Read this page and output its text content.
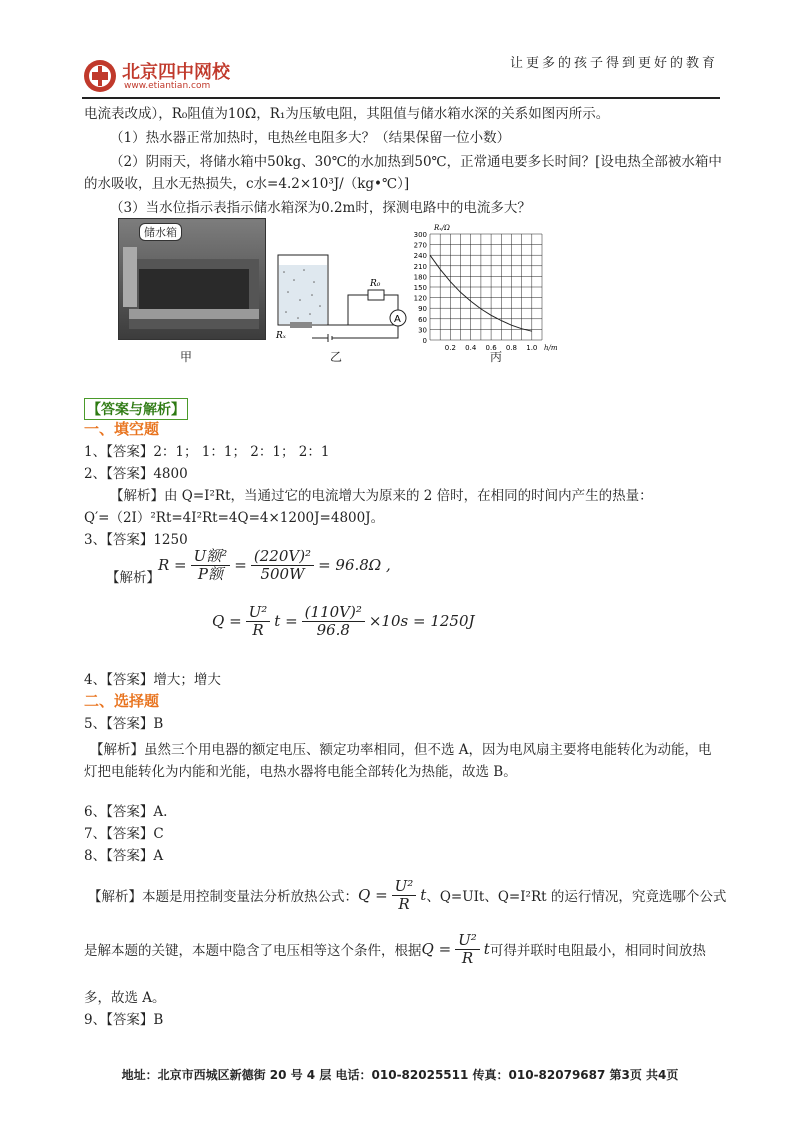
北京四中网校
www.etiantian.com
让更多的孩子得到更好的教育
电流表改成），R₀阻值为10Ω，R₁为压敏电阻，其阻值与储水箱水深的关系如图丙所示。
（1）热水器正常加热时，电热丝电阻多大？（结果保留一位小数）
（2）阴雨天，将储水箱中50kg、30℃的水加热到50℃，正常通电要多长时间？[设电热全部被水箱中
的水吸收，且水无热损失，c水=4.2×10³J/（kg•℃）]
（3）当水位指示表指示储水箱深为0.2m时，探测电路中的电流多大？
储水箱
甲
A
R₀
Rₓ
乙
300
270
240
210
180
150
120
90
60
30
0
0.2 0.4 0.6 0.8 1.0
Rₓ/Ω
h/m
丙
【答案与解析】
一、填空题
1、【答案】2：1； 1：1； 2：1； 2：1
2、【答案】4800
【解析】由 Q=I²Rt，当通过它的电流增大为原来的 2 倍时，在相同的时间内产生的热量：
Q′=（2I）²Rt=4I²Rt=4Q=4×1200J=4800J。
3、【答案】1250
【解析】
$R = \frac{\text{U额²}}{\text{P额}} = \frac{\text{(220V)²}}{500W} = 96.8\Omega$ ,
$Q = \frac{\text{U²}}{R}$ $t = \frac{\text{(110V)²}}{96.8} \times 10s = 1250J$
4、【答案】增大；增大
二、选择题
5、【答案】B
【解析】虽然三个用电器的额定电压、额定功率相同，但不选 A，因为电风扇主要将电能转化为动能，电
灯把电能转化为内能和光能，电热水器将电能全部转化为热能，故选 B。
6、【答案】A.
7、【答案】C
8、【答案】A
【解析】本题是用控制变量法分析放热公式： $Q = \frac{\text{U²}}{R}$ t 、Q=UIt、Q=I²Rt 的运行情况，究竟选哪个公式
是解本题的关键，本题中隐含了电压相等这个条件，根据 $Q = \frac{\text{U²}}{R}$ t 可得并联时电阻最小，相同时间放热
多，故选 A。
9、【答案】B
地址：北京市西城区新德街 20 号 4 层 电话：010-82025511 传真：010-82079687 第3页 共4页
